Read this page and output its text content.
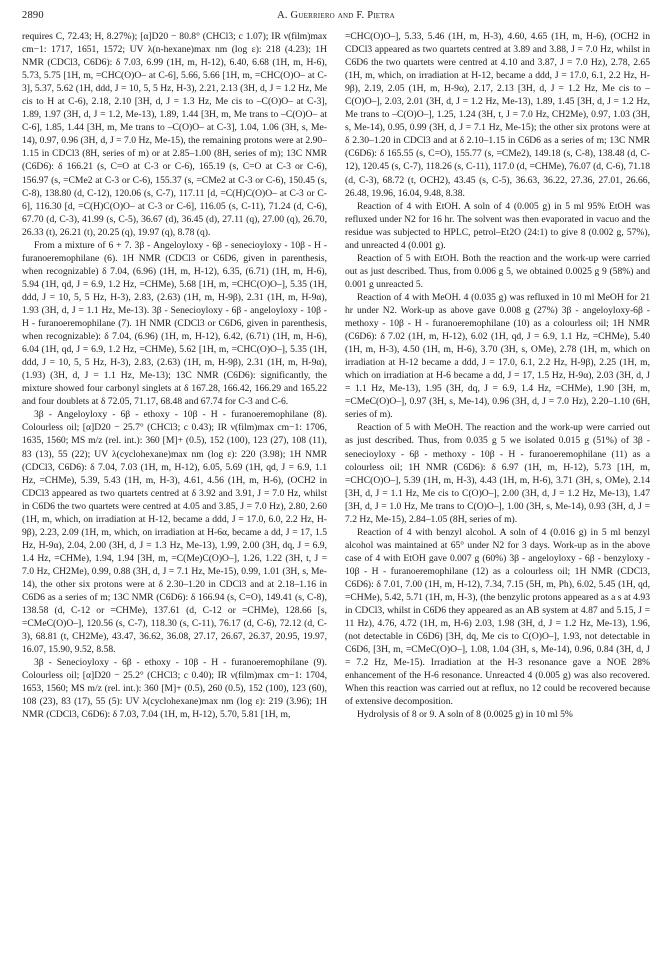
2890	A. Guerriero and F. Pietra

requires C, 72.43; H, 8.27%); [α]D20 − 80.8° (CHCl3; c 1.07); IR ν(film)max cm−1: 1717, 1651, 1572; UV λ(n-hexane)max nm (log ε): 218 (4.23); 1H NMR (CDCl3, C6D6): δ 7.03, 6.99 (1H, m, H-12), 6.40, 6.68 (1H, m, H-6), 5.73, 5.75 [1H, m, =CHC(O)O– at C-6], 5.66, 5.66 [1H, m, =CHC(O)O– at C-3], 5.37, 5.62 (1H, ddd, J = 10, 5, 5 Hz, H-3), 2.21, 2.13 (3H, d, J = 1.2 Hz, Me cis to H at C-6), 2.18, 2.10 [3H, d, J = 1.3 Hz, Me cis to –C(O)O– at C-3], 1.89, 1.97 (3H, d, J = 1.2, Me-13), 1.89, 1.44 [3H, m, Me trans to –C(O)O– at C-6], 1.85, 1.44 [3H, m, Me trans to –C(O)O– at C-3], 1.04, 1.06 (3H, s, Me-14), 0.97, 0.96 (3H, d, J = 7.0 Hz, Me-15), the remaining protons were at 2.90–1.15 in CDCl3 (8H, series of m) or at 2.85–1.00 (8H, series of m); 13C NMR (C6D6): δ 166.21 (s, C=O at C-3 or C-6), 165.19 (s, C=O at C-3 or C-6), 156.97 (s, =CMe2 at C-3 or C-6), 155.37 (s, =CMe2 at C-3 or C-6), 150.45 (s, C-8), 138.80 (d, C-12), 120.06 (s, C-7), 117.11 [d, =C(H)C(O)O– at C-3 or C-6], 116.30 [d, =C(H)C(O)O– at C-3 or C-6], 116.05 (s, C-11), 71.24 (d, C-6), 67.70 (d, C-3), 41.99 (s, C-5), 36.67 (d), 36.45 (d), 27.11 (q), 27.00 (q), 26.70, 26.33 (t), 26.21 (t), 20.25 (q), 19.97 (q), 8.78 (q).

From a mixture of 6 + 7. 3β - Angeloyloxy - 6β - senecioyloxy - 10β - H - furanoeremophilane (6). 1H NMR (CDCl3 or C6D6, given in parenthesis, when recognizable) δ 7.04, (6.96) (1H, m, H-12), 6.35, (6.71) (1H, m, H-6), 5.94 (1H, qd, J = 6.9, 1.2 Hz, =CHMe), 5.68 [1H, m, =CHC(O)O–], 5.35 (1H, ddd, J = 10, 5, 5 Hz, H-3), 2.83, (2.63) (1H, m, H-9β), 2.31 (1H, m, H-9α), 1.93 (3H, d, J = 1.1 Hz, Me-13). 3β - Senecioyloxy - 6β - angeloyloxy - 10β - H - furanoeremophilane (7). 1H NMR (CDCl3 or C6D6, given in parenthesis, when recognizable): δ 7.04, (6.96) (1H, m, H-12), 6.42, (6.71) (1H, m, H-6), 6.04 (1H, qd, J = 6.9, 1.2 Hz, =CHMe), 5.62 [1H, m, =CHC(O)O–], 5.35 (1H, ddd, J = 10, 5, 5 Hz, H-3), 2.83, (2.63) (1H, m, H-9β), 2.31 (1H, m, H-9α), (1.93) (3H, d, J = 1.1 Hz, Me-13); 13C NMR (C6D6): significantly, the mixture showed four carbonyl singlets at δ 167.28, 166.42, 166.29 and 165.22 and four doublets at δ 72.05, 71.17, 68.48 and 67.74 for C-3 and C-6.

3β - Angeloyloxy - 6β - ethoxy - 10β - H - furanoeremophilane (8). Colourless oil; [α]D20 − 25.7° (CHCl3; c 0.43); IR ν(film)max cm−1: 1706, 1635, 1560; MS m/z (rel. int.): 360 [M]+ (0.5), 152 (100), 123 (27), 108 (11), 83 (13), 55 (22); UV λ(cyclohexane)max nm (log ε): 220 (3.98); 1H NMR (CDCl3, C6D6): δ 7.04, 7.03 (1H, m, H-12), 6.05, 5.69 (1H, qd, J = 6.9, 1.1 Hz, =CHMe), 5.39, 5.43 (1H, m, H-3), 4.61, 4.56 (1H, m, H-6), (OCH2 in CDCl3 appeared as two quartets centred at δ 3.92 and 3.91, J = 7.0 Hz, whilst in C6D6 the two quartets were centred at 4.05 and 3.85, J = 7.0 Hz), 2.80, 2.60 (1H, m, which, on irradiation at H-12, became a ddd, J = 17.0, 6.0, 2.2 Hz, H-9β), 2.23, 2.09 (1H, m, which, on irradiation at H-6α, became a dd, J = 17, 1.5 Hz, H-9α), 2.04, 2.00 (3H, d, J = 1.3 Hz, Me-13), 1.99, 2.00 (3H, dq, J = 6.9, 1.4 Hz, =CHMe), 1.94, 1.94 [3H, m, =C(Me)C(O)O–], 1.26, 1.22 (3H, t, J = 7.0 Hz, CH2Me), 0.99, 0.88 (3H, d, J = 7.1 Hz, Me-15), 0.99, 1.01 (3H, s, Me-14), the other six protons were at δ 2.30–1.20 in CDCl3 and at 2.18–1.16 in C6D6 as a series of m; 13C NMR (C6D6): δ 166.94 (s, C=O), 149.41 (s, C-8), 138.58 (d, C-12 or =CHMe), 137.61 (d, C-12 or =CHMe), 128.66 [s, =CMeC(O)O–], 120.56 (s, C-7), 118.30 (s, C-11), 76.17 (d, C-6), 72.12 (d, C-3), 68.81 (t, CH2Me), 43.47, 36.62, 36.08, 27.17, 26.67, 26.37, 20.95, 19.97, 16.07, 15.90, 9.52, 8.58.

3β - Senecioyloxy - 6β - ethoxy - 10β - H - furanoeremophilane (9). Colourless oil; [α]D20 − 25.2° (CHCl3; c 0.40); IR ν(film)max cm−1: 1704, 1653, 1560; MS m/z (rel. int.): 360 [M]+ (0.5), 260 (0.5), 152 (100), 123 (60), 108 (23), 83 (17), 55 (5): UV λ(cyclohexane)max nm (log ε): 219 (3.96); 1H NMR (CDCl3, C6D6): δ 7.03, 7.04 (1H, m, H-12), 5.70, 5.81 [1H, m,

=CHC(O)O–], 5.33, 5.46 (1H, m, H-3), 4.60, 4.65 (1H, m, H-6), (OCH2 in CDCl3 appeared as two quartets centred at 3.89 and 3.88, J = 7.0 Hz, whilst in C6D6 the two quartets were centred at 4.10 and 3.87, J = 7.0 Hz), 2.78, 2.65 (1H, m, which, on irradiation at H-12, became a ddd, J = 17.0, 6.1, 2.2 Hz, H-9β), 2.19, 2.05 (1H, m, H-9α), 2.17, 2.13 [3H, d, J = 1.2 Hz, Me cis to –C(O)O–], 2.03, 2.01 (3H, d, J = 1.2 Hz, Me-13), 1.89, 1.45 [3H, d, J = 1.2 Hz, Me trans to –C(O)O–], 1.25, 1.24 (3H, t, J = 7.0 Hz, CH2Me), 0.97, 1.03 (3H, s, Me-14), 0.95, 0.99 (3H, d, J = 7.1 Hz, Me-15); the other six protons were at δ 2.30–1.20 in CDCl3 and at δ 2.10–1.15 in C6D6 as a series of m; 13C NMR (C6D6): δ 165.55 (s, C=O), 155.77 (s, =CMe2), 149.18 (s, C-8), 138.48 (d, C-12), 120.45 (s, C-7), 118.26 (s, C-11), 117.0 (d, =CHMe), 76.07 (d, C-6), 71.18 (d, C-3), 68.72 (t, OCH2), 43.45 (s, C-5), 36.63, 36.22, 27.36, 27.01, 26.66, 26.48, 19.96, 16.04, 9.48, 8.38.

Reaction of 4 with EtOH. A soln of 4 (0.005 g) in 5 ml 95% EtOH was refluxed under N2 for 16 hr. The solvent was then evaporated in vacuo and the residue was subjected to HPLC, petrol–Et2O (24:1) to give 8 (0.002 g, 57%), and unreacted 4 (0.001 g).

Reaction of 5 with EtOH. Both the reaction and the work-up were carried out as just described. Thus, from 0.006 g 5, we obtained 0.0025 g 9 (58%) and 0.001 g unreacted 5.

Reaction of 4 with MeOH. 4 (0.035 g) was refluxed in 10 ml MeOH for 21 hr under N2. Work-up as above gave 0.008 g (27%) 3β - angeloyloxy-6β - methoxy - 10β - H - furanoeremophilane (10) as a colourless oil; 1H NMR (C6D6): δ 7.02 (1H, m, H-12), 6.02 (1H, qd, J = 6.9, 1.1 Hz, =CHMe), 5.40 (1H, m, H-3), 4.50 (1H, m, H-6), 3.70 (3H, s, OMe), 2.78 (1H, m, which on irradiation at H-12 became a ddd, J = 17.0, 6.1, 2.2 Hz, H-9β), 2.25 (1H, m, which on irradiation at H-6 became a dd, J = 17, 1.5 Hz, H-9α), 2.03 (3H, d, J = 1.1 Hz, Me-13), 1.95 (3H, dq, J = 6.9, 1.4 Hz, =CHMe), 1.90 [3H, m, =CMeC(O)O–], 0.97 (3H, s, Me-14), 0.96 (3H, d, J = 7.0 Hz), 2.20–1.10 (6H, series of m).

Reaction of 5 with MeOH. The reaction and the work-up were carried out as just described. Thus, from 0.035 g 5 we isolated 0.015 g (51%) of 3β - senecioyloxy - 6β - methoxy - 10β - H - furanoeremophilane (11) as a colourless oil; 1H NMR (C6D6): δ 6.97 (1H, m, H-12), 5.73 [1H, m, =CHC(O)O–], 5.39 (1H, m, H-3), 4.43 (1H, m, H-6), 3.71 (3H, s, OMe), 2.14 [3H, d, J = 1.1 Hz, Me cis to C(O)O–], 2.00 (3H, d, J = 1.2 Hz, Me-13), 1.47 [3H, d, J = 1.0 Hz, Me trans to C(O)O–], 1.00 (3H, s, Me-14), 0.93 (3H, d, J = 7.2 Hz, Me-15), 2.84–1.05 (8H, series of m).

Reaction of 4 with benzyl alcohol. A soln of 4 (0.016 g) in 5 ml benzyl alcohol was maintained at 65° under N2 for 3 days. Work-up as in the above case of 4 with EtOH gave 0.007 g (60%) 3β - angeloyloxy - 6β - benzyloxy - 10β - H - furanoeremophilane (12) as a colourless oil; 1H NMR (CDCl3, C6D6): δ 7.01, 7.00 (1H, m, H-12), 7.34, 7.15 (5H, m, Ph), 6.02, 5.45 (1H, qd, =CHMe), 5.42, 5.71 (1H, m, H-3), (the benzylic protons appeared as a s at 4.93 in CDCl3, whilst in C6D6 they appeared as an AB system at 4.87 and 5.15, J = 11 Hz), 4.76, 4.72 (1H, m, H-6) 2.03, 1.98 (3H, d, J = 1.2 Hz, Me-13), 1.96, (not detectable in C6D6) [3H, dq, Me cis to C(O)O–], 1.93, not detectable in C6D6, [3H, m, =CMeC(O)O–], 1.08, 1.04 (3H, s, Me-14), 0.96, 0.84 (3H, d, J = 7.2 Hz, Me-15). Irradiation at the H-3 resonance gave a NOE 28% enhancement of the H-6 resonance. Unreacted 4 (0.005 g) was also recovered. When this reaction was carried out at reflux, no 12 could be recovered because of extensive decomposition.

Hydrolysis of 8 or 9. A soln of 8 (0.0025 g) in 10 ml 5%
